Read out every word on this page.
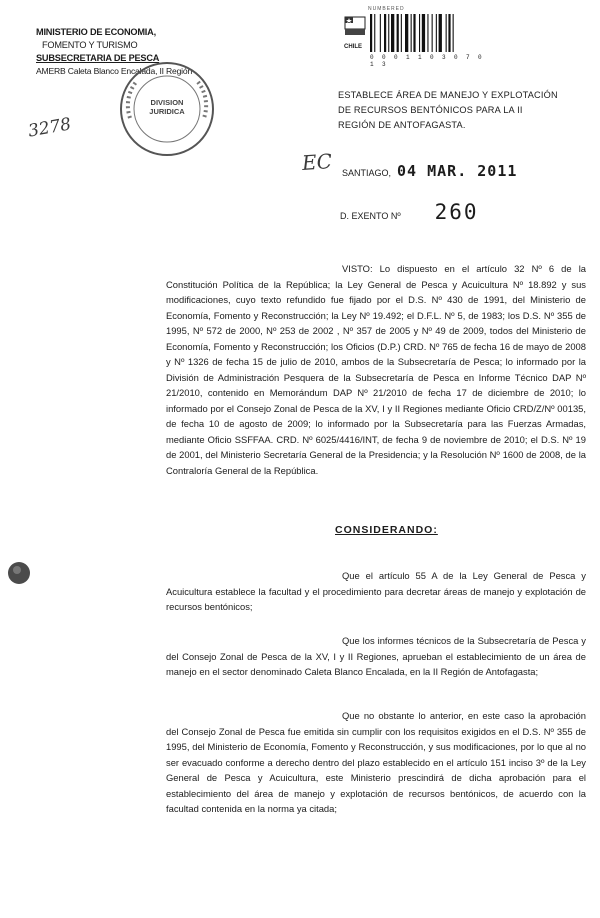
MINISTERIO DE ECONOMIA,
FOMENTO Y TURISMO
SUBSECRETARIA DE PESCA
AMERB Caleta Blanco Encalada, II Región
CHILE
NUMBERED
0 0 0 1 1 0 3 0 7 0 1 3
DIVISION
JURIDICA
3278
EC
ESTABLECE ÁREA DE MANEJO Y EXPLOTACIÓN
DE RECURSOS BENTÓNICOS PARA LA II
REGIÓN DE ANTOFAGASTA.
SANTIAGO, 04 MAR. 2011
D. EXENTO Nº 260

VISTO: Lo dispuesto en el artículo 32 Nº 6 de la Constitución Política de la República; la Ley General de Pesca y Acuicultura Nº 18.892 y sus modificaciones, cuyo texto refundido fue fijado por el D.S. Nº 430 de 1991, del Ministerio de Economía, Fomento y Reconstrucción; la Ley Nº 19.492; el D.F.L. Nº 5, de 1983; los D.S. Nº 355 de 1995, Nº 572 de 2000, Nº 253 de 2002 , Nº 357 de 2005 y Nº 49 de 2009, todos del Ministerio de Economía, Fomento y Reconstrucción; los Oficios (D.P.) CRD. Nº 765 de fecha 16 de mayo de 2008 y Nº 1326 de fecha 15 de julio de 2010, ambos de la Subsecretaría de Pesca; lo informado por la División de Administración Pesquera de la Subsecretaría de Pesca en Informe Técnico DAP Nº 21/2010, contenido en Memorándum DAP Nº 21/2010 de fecha 17 de diciembre de 2010; lo informado por el Consejo Zonal de Pesca de la XV, I y II Regiones mediante Oficio CRD/Z/Nº 00135, de fecha 10 de agosto de 2009; lo informado por la Subsecretaría para las Fuerzas Armadas, mediante Oficio SSFFAA. CRD. Nº 6025/4416/INT, de fecha 9 de noviembre de 2010; el D.S. Nº 19 de 2001, del Ministerio Secretaría General de la Presidencia; y la Resolución Nº 1600 de 2008, de la Contraloría General de la República.

CONSIDERANDO:

Que el artículo 55 A de la Ley General de Pesca y Acuicultura establece la facultad y el procedimiento para decretar áreas de manejo y explotación de recursos bentónicos;

Que los informes técnicos de la Subsecretaría de Pesca y del Consejo Zonal de Pesca de la XV, I y II Regiones, aprueban el establecimiento de un área de manejo en el sector denominado Caleta Blanco Encalada, en la II Región de Antofagasta;

Que no obstante lo anterior, en este caso la aprobación del Consejo Zonal de Pesca fue emitida sin cumplir con los requisitos exigidos en el D.S. Nº 355 de 1995, del Ministerio de Economía, Fomento y Reconstrucción, y sus modificaciones, por lo que al no ser evacuado conforme a derecho dentro del plazo establecido en el artículo 151 inciso 3º de la Ley General de Pesca y Acuicultura, este Ministerio prescindirá de dicha aprobación para el establecimiento del área de manejo y explotación de recursos bentónicos, de acuerdo con la facultad contenida en la norma ya citada;
